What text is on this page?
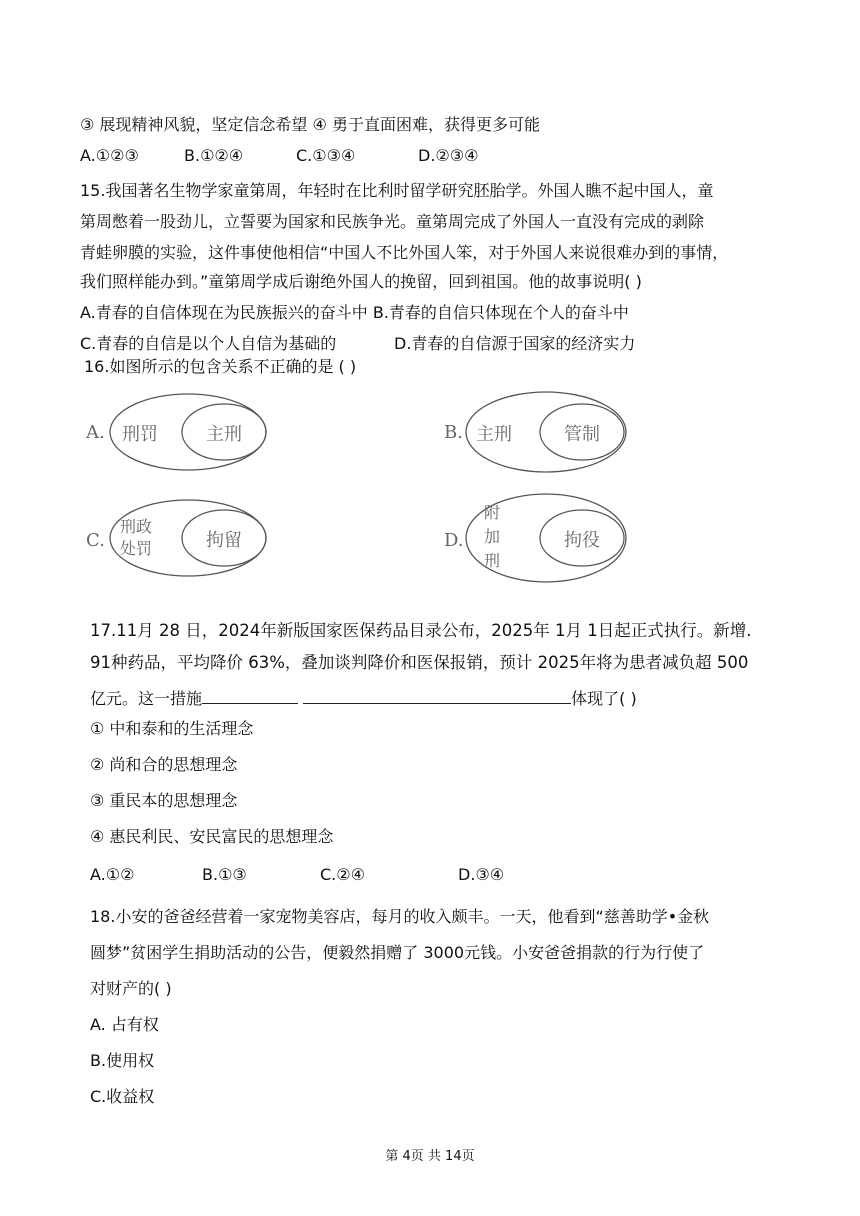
③ 展现精神风貌，坚定信念希望 ④ 勇于直面困难，获得更多可能
A.①②③	B.①②④	C.①③④	D.②③④
15.我国著名生物学家童第周，年轻时在比利时留学研究胚胎学。外国人瞧不起中国人，童
第周憋着一股劲儿，立誓要为国家和民族争光。童第周完成了外国人一直没有完成的剥除
青蛙卵膜的实验，这件事使他相信“中国人不比外国人笨，对于外国人来说很难办到的事情，
我们照样能办到。”童第周学成后谢绝外国人的挽留，回到祖国。他的故事说明( )
A.青春的自信体现在为民族振兴的奋斗中 B.青春的自信只体现在个人的奋斗中
C.青春的自信是以个人自信为基础的	D.青春的自信源于国家的经济实力
16.如图所示的包含关系不正确的是 ( )
A. 刑罚	主刑	B. 主刑	管制
C.
刑政
处罚	拘留	D.
附
加
刑
拘役
17.11月 28 日，2024年新版国家医保药品目录公布，2025年 1月 1日起正式执行。新增.
91种药品，平均降价 63%，叠加谈判降价和医保报销，预计 2025年将为患者减负超 500
亿元。这一措施	体现了( )
① 中和泰和的生活理念
② 尚和合的思想理念
③ 重民本的思想理念
④ 惠民利民、安民富民的思想理念
A.①②	B.①③	C.②④	D.③④
18.小安的爸爸经营着一家宠物美容店，每月的收入颇丰。一天，他看到“慈善助学•金秋
圆梦”贫困学生捐助活动的公告，便毅然捐赠了 3000元钱。小安爸爸捐款的行为行使了
对财产的( )
A. 占有权
B.使用权
C.收益权
第 4页 共 14页
